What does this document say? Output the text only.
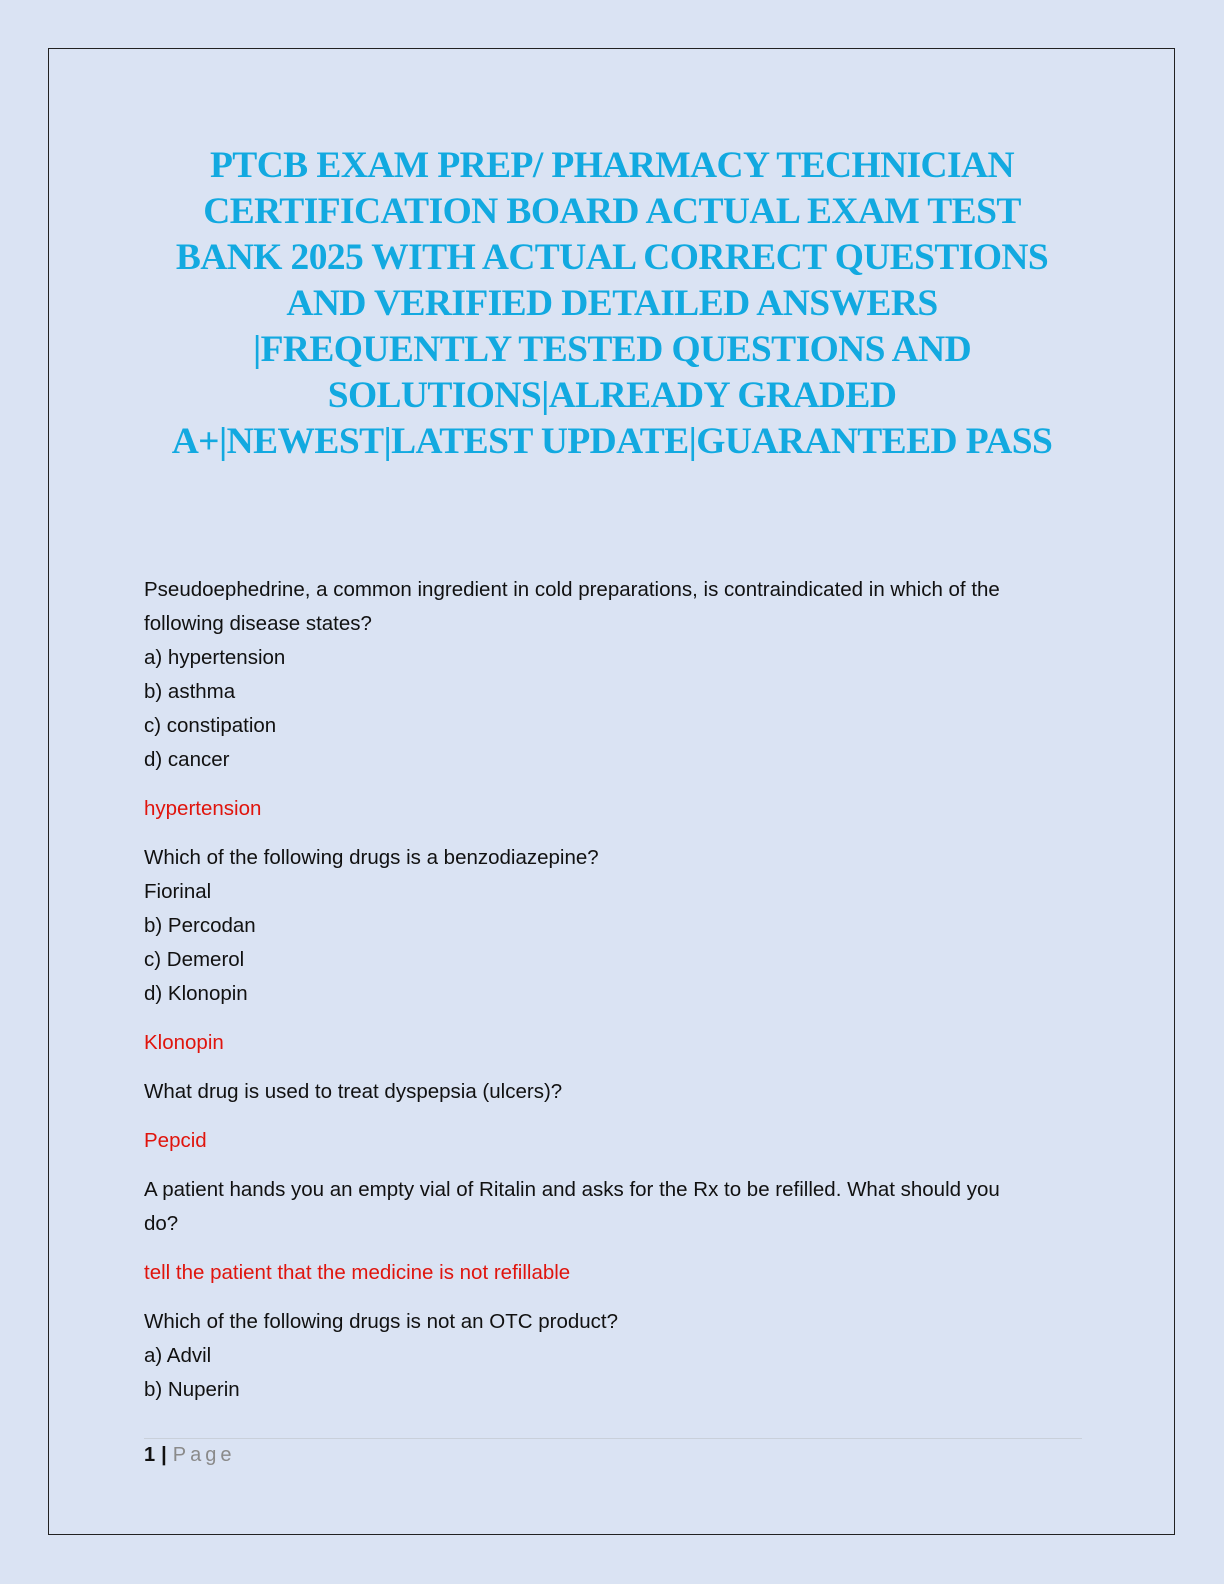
PTCB EXAM PREP/ PHARMACY TECHNICIAN
CERTIFICATION BOARD ACTUAL EXAM TEST
BANK 2025 WITH ACTUAL CORRECT QUESTIONS
AND VERIFIED DETAILED ANSWERS
|FREQUENTLY TESTED QUESTIONS AND
SOLUTIONS|ALREADY GRADED
A+|NEWEST|LATEST UPDATE|GUARANTEED PASS
Pseudoephedrine, a common ingredient in cold preparations, is contraindicated in which of the
following disease states?
a) hypertension
b) asthma
c) constipation
d) cancer
hypertension
Which of the following drugs is a benzodiazepine?
Fiorinal
b) Percodan
c) Demerol
d) Klonopin
Klonopin
What drug is used to treat dyspepsia (ulcers)?
Pepcid
A patient hands you an empty vial of Ritalin and asks for the Rx to be refilled. What should you
do?
tell the patient that the medicine is not refillable
Which of the following drugs is not an OTC product?
a) Advil
b) Nuperin
1 | Page
